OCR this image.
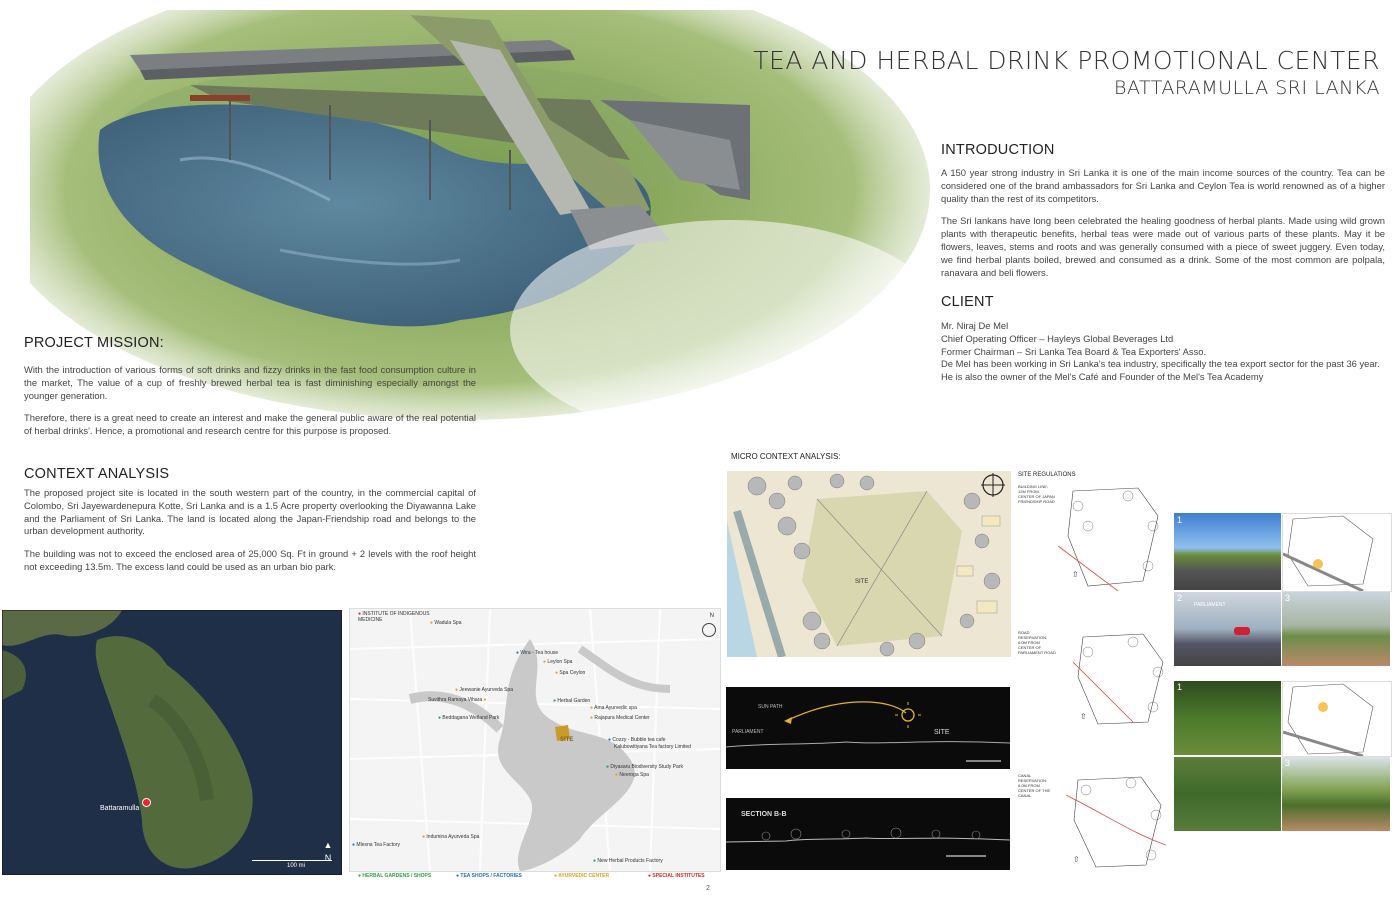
TEA AND HERBAL DRINK PROMOTIONAL CENTER
BATTARAMULLA SRI LANKA
INTRODUCTION

A 150 year strong industry in Sri Lanka it is one of the main income sources of the country. Tea can be considered one of the brand ambassadors for Sri Lanka and Ceylon Tea is world renowned as of a higher quality than the rest of its competitors.

The Sri lankans have long been celebrated the healing goodness of herbal plants. Made using wild grown plants with therapeutic benefits, herbal teas were made out of various parts of these plants. May it be flowers, leaves, stems and roots and was generally consumed with a piece of sweet juggery. Even today, we find herbal plants boiled, brewed and consumed as a drink. Some of the most common are polpala, ranavara and beli flowers.

CLIENT
Mr. Niraj De Mel
Chief Operating Officer – Hayleys Global Beverages Ltd
Former Chairman – Sri Lanka Tea Board & Tea Exporters' Asso.
De Mel has been working in Sri Lanka's tea industry, specifically the tea export sector for the past 36 year. He is also the owner of the Mel's Café and Founder of the Mel's Tea Academy
PROJECT MISSION:

With the introduction of various forms of soft drinks and fizzy drinks in the fast food consumption culture in the market, The value of a cup of freshly brewed herbal tea is fast diminishing especially amongst the younger generation.

Therefore, there is a great need to create an interest and make the general public aware of the real potential of herbal drinks'. Hence, a promotional and research centre for this purpose is proposed.

CONTEXT ANALYSIS

The proposed project site is located in the south western part of the country, in the commercial capital of Colombo, Sri Jayewardenepura Kotte, Sri Lanka and is a 1.5 Acre property overlooking the Diyawanna Lake and the Parliament of Sri Lanka. The land is located along the Japan-Friendship road and belongs to the urban development authority.

The building was not to exceed the enclosed area of 25,000 Sq. Ft in ground + 2 levels with the roof height not exceeding 13.5m. The excess land could be used as an urban bio park.

Battaramulla
▲
N
100 mi
SITE
N
● INSTITUTE OF INDIGENOUS MEDICINE	● Wadula Spa
● Wira - Tea house
● Leylon Spa
● Spa Ceylon
● Jeewanie Ayurveda Spa
Suvithra Ramaya Vihara ●	● Herbal Garden
● Ama Ayurvedic spa
● Rajapura Medical Center
● Beddagana Wetland Park
● Cozzy - Bubble tea cafe
Kalubowitiyana Tea factory Limited
● Diyasaru Biodiversity Study Park
● Neeroga Spa
● Indumina Ayurveda Spa
● Mlesna Tea Factory
● New Herbal Products Factory
● HERBAL GARDENS / SHOPS	● TEA SHOPS / FACTORIES	● AYURVEDIC CENTER	● SPECIAL INSTITUTES
2
MICRO CONTEXT ANALYSIS:
SITE
SUN PATH
PARLIAMENT	SITE
SECTION B-B
SITE REGULATIONS
BUILDING LINE: 12M FROM CENTER OF JAPAN FRIENDSHIP ROAD
⇧
ROAD RESERVATION: 6.0M FROM CENTER OF PARLIAMENT ROAD
⇧
CANAL RESERVATION: 6.0M FROM CENTER OF THE CANAL
⇧
1
2
PARLIAMENT
3
1
3
